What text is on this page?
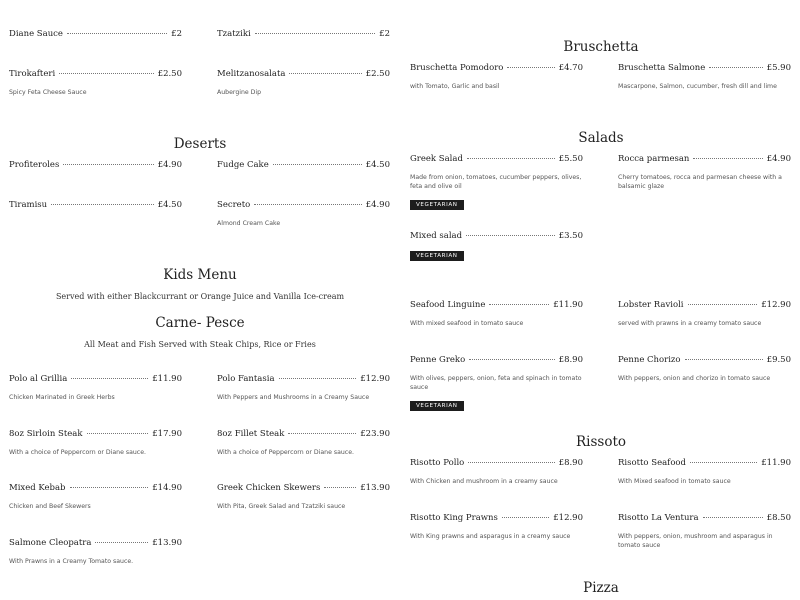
Diane Sauce	£2	Tzatziki	£2
Tirokafteri	£2.50
Spicy Feta Cheese Sauce
Melitzanosalata	£2.50
Aubergine Dip
Deserts
Profiteroles	£4.90	Fudge Cake	£4.50
Tiramisu	£4.50	Secreto	£4.90
Almond Cream Cake
Kids Menu
Served with either Blackcurrant or Orange Juice and Vanilla Ice-cream
Carne- Pesce
All Meat and Fish Served with Steak Chips, Rice or Fries
Polo al Grillia	£11.90
Chicken Marinated in Greek Herbs
Polo Fantasia	£12.90
With Peppers and Mushrooms in a Creamy Sauce
8oz Sirloin Steak	£17.90
With a choice of Peppercorn or Diane sauce.
8oz Fillet Steak	£23.90
With a choice of Peppercorn or Diane sauce.
Mixed Kebab	£14.90
Chicken and Beef Skewers
Greek Chicken Skewers	£13.90
With Pita, Greek Salad and Tzatziki sauce
Salmone Cleopatra	£13.90
With Prawns in a Creamy Tomato sauce.
Bruschetta
Bruschetta Pomodoro	£4.70
with Tomato, Garlic and basil
Bruschetta Salmone	£5.90
Mascarpone, Salmon, cucumber, fresh dill and lime
Salads
Greek Salad	£5.50
Made from onion, tomatoes, cucumber peppers, olives, feta and olive oil
VEGETARIAN
Rocca parmesan	£4.90
Cherry tomatoes, rocca and parmesan cheese with a balsamic glaze
Mixed salad	£3.50
VEGETARIAN
Seafood Linguine	£11.90
With mixed seafood in tomato sauce
Lobster Ravioli	£12.90
served with prawns in a creamy tomato sauce
Penne Greko	£8.90
With olives, peppers, onion, feta and spinach in tomato sauce
VEGETARIAN
Penne Chorizo	£9.50
With peppers, onion and chorizo in tomato sauce
Rissoto
Risotto Pollo	£8.90
With Chicken and mushroom in a creamy sauce
Risotto Seafood	£11.90
With Mixed seafood in tomato sauce
Risotto King Prawns	£12.90
With King prawns and asparagus in a creamy sauce
Risotto La Ventura	£8.50
With peppers, onion, mushroom and asparagus in tomato sauce
Pizza
